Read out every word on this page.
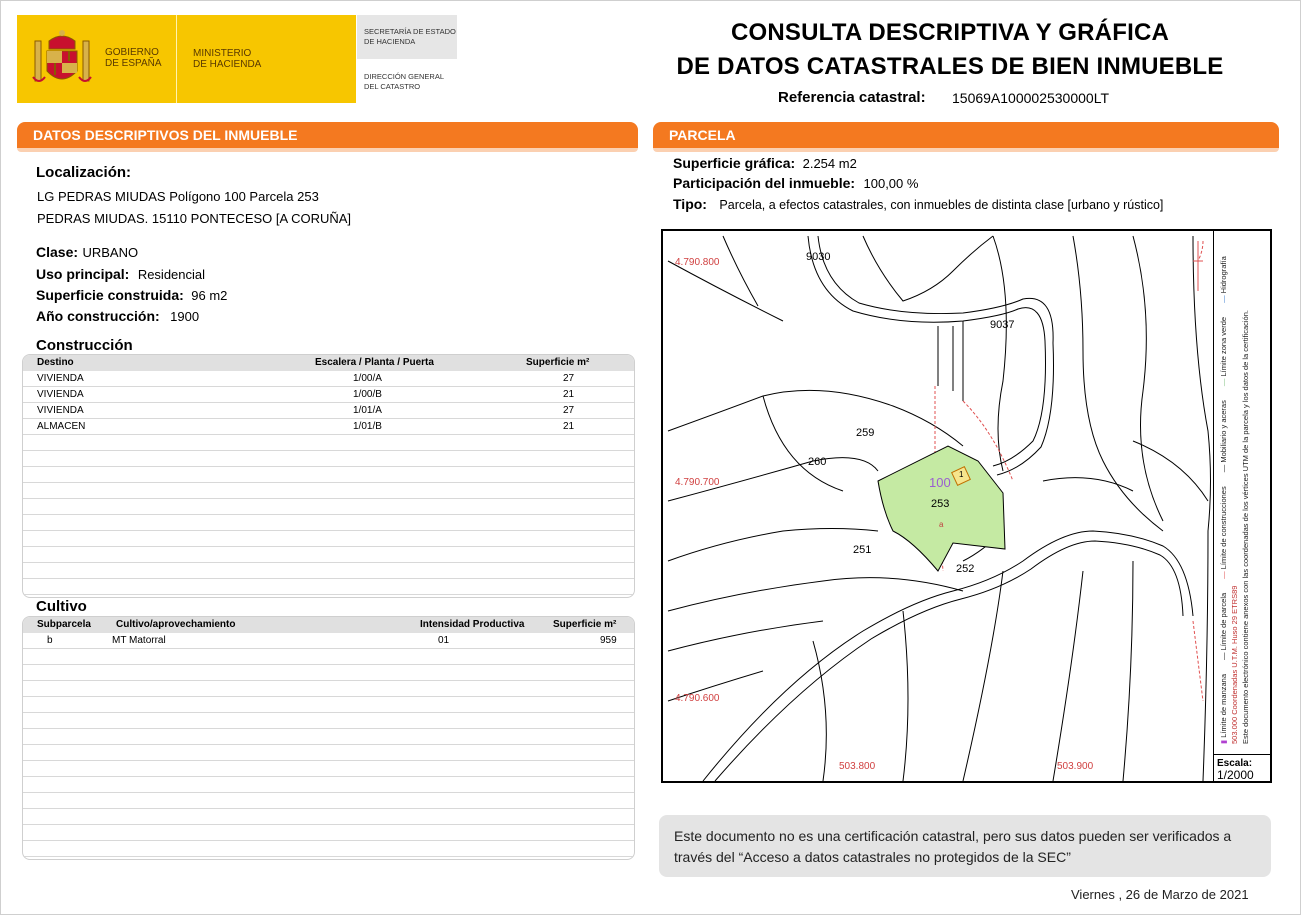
GOBIERNO
DE ESPAÑA
MINISTERIO
DE HACIENDA
SECRETARÍA DE ESTADO
DE HACIENDA
DIRECCIÓN GENERAL
DEL CATASTRO
CONSULTA DESCRIPTIVA Y GRÁFICA
DE DATOS CATASTRALES DE BIEN INMUEBLE
Referencia catastral: 15069A100002530000LT
DATOS DESCRIPTIVOS DEL INMUEBLE
Localización:
LG PEDRAS MIUDAS Polígono 100 Parcela 253
PEDRAS MIUDAS. 15110 PONTECESO [A CORUÑA]
Clase: URBANO
Uso principal: Residencial
Superficie construida: 96 m2
Año construcción: 1900
Construcción
Destino	Escalera / Planta / Puerta	Superficie m²
VIVIENDA	1/00/A	27
VIVIENDA	1/00/B	21
VIVIENDA	1/01/A	27
ALMACEN	1/01/B	21
Cultivo
Subparcela	Cultivo/aprovechamiento	Intensidad Productiva	Superficie m²
b	MT Matorral	01	959
PARCELA
Superficie gráfica: 2.254 m2
Participación del inmueble: 100,00 %
Tipo: Parcela, a efectos catastrales, con inmuebles de distinta clase [urbano y rústico]
4.790.800
4.790.700
4.790.600
503.800	503.900
9030
9037
259
260
100
253
251
252
a
1
▮ Límite de manzana
— Límite de parcela
— Límite de construcciones
— Mobiliario y aceras
— Límite zona verde
— Hidrografía
503.000 Coordenadas U.T.M. Huso 29 ETRS89 Este documento electrónico contiene anexos con las coordenadas de los vértices UTM de la parcela y los datos de la certificación.
Escala:
1/2000
Este documento no es una certificación catastral, pero sus datos pueden ser verificados a través del “Acceso a datos catastrales no protegidos de la SEC”
Viernes , 26 de Marzo de 2021
